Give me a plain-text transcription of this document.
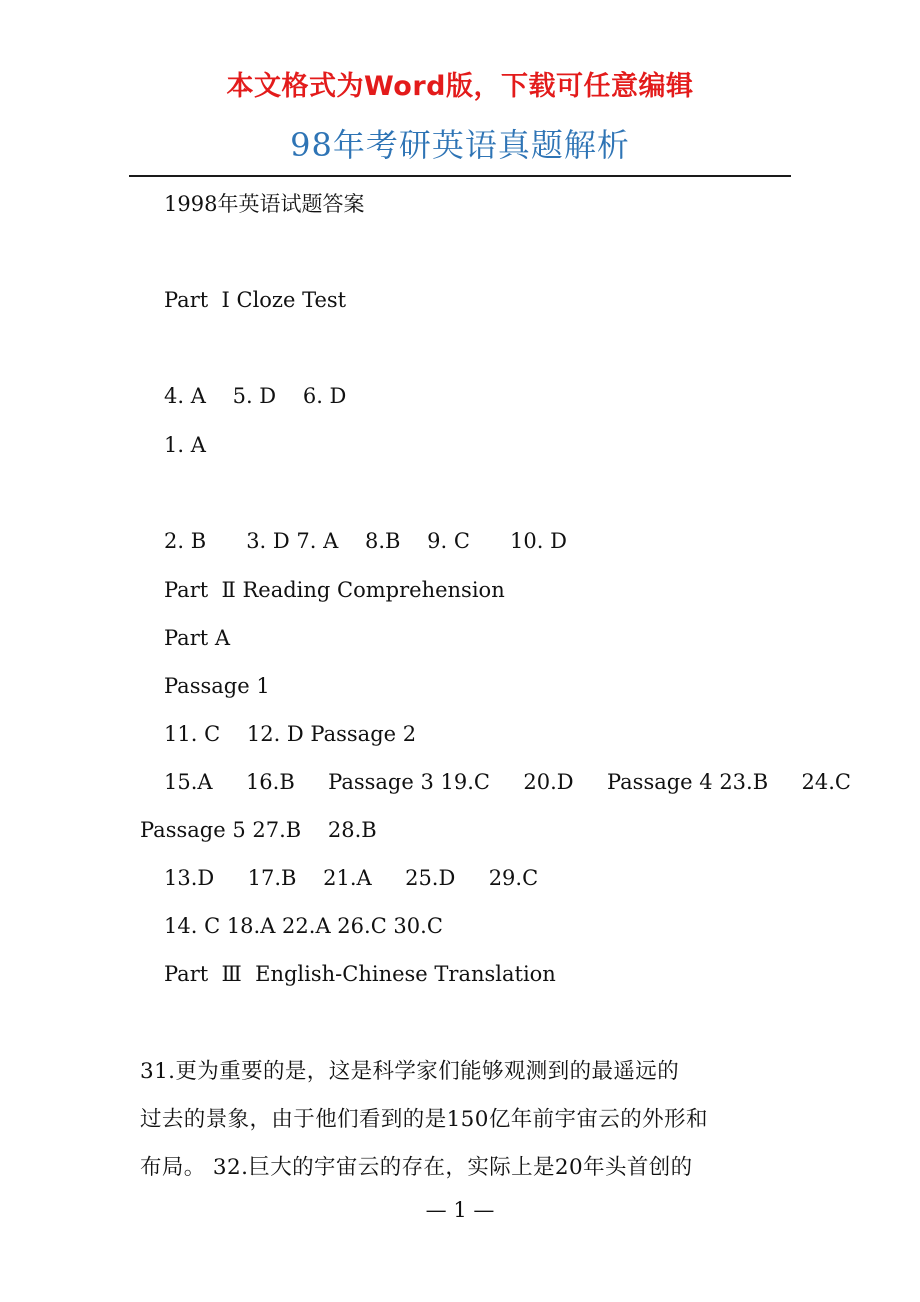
本文格式为Word版，下载可任意编辑
98年考研英语真题解析
1998年英语试题答案
Part  Ⅰ Cloze Test
4. A    5. D    6. D
1. A
2. B      3. D 7. A    8.B    9. C      10. D
Part  Ⅱ Reading Comprehension
Part A
Passage 1
11. C    12. D Passage 2
15.A     16.B     Passage 3 19.C     20.D     Passage 4 23.B     24.C
Passage 5 27.B    28.B
13.D     17.B    21.A     25.D     29.C
14. C 18.A 22.A 26.C 30.C
Part  Ⅲ  English-Chinese Translation
31.更为重要的是，这是科学家们能够观测到的最遥远的
过去的景象，由于他们看到的是150亿年前宇宙云的外形和
布局。 32.巨大的宇宙云的存在，实际上是20年头首创的
— 1 —
